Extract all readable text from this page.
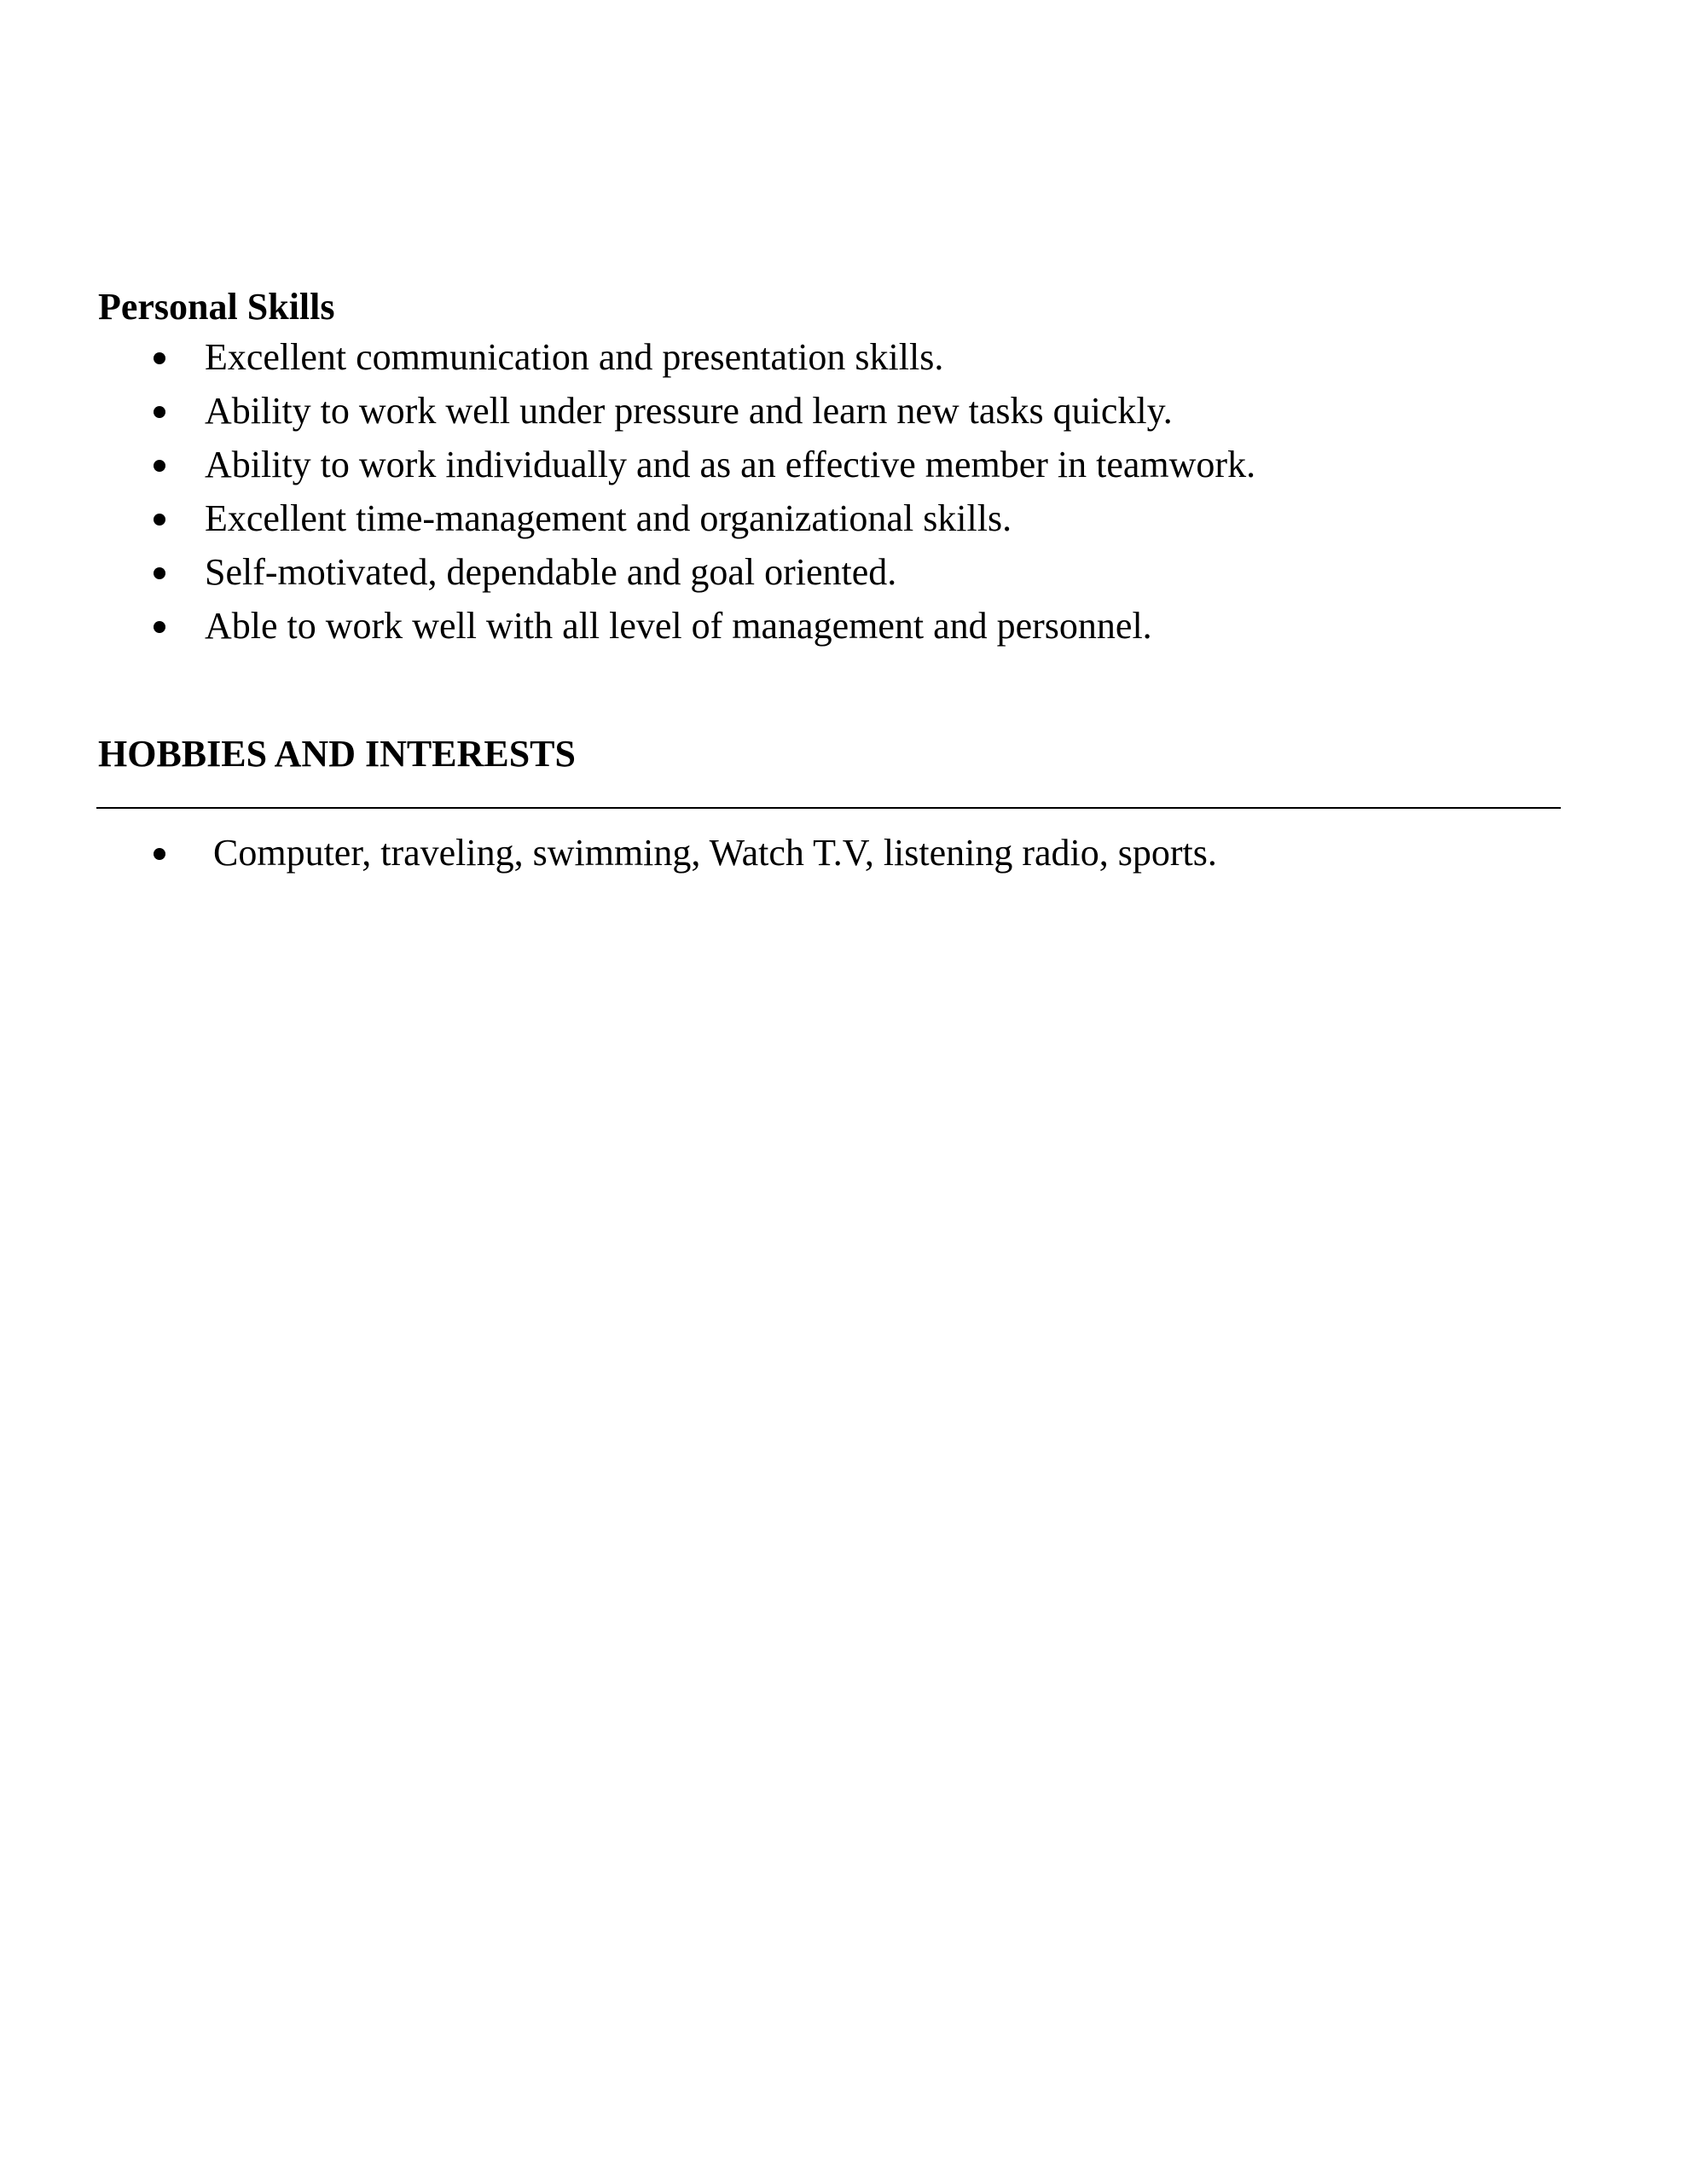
Personal Skills
Excellent communication and presentation skills.
Ability to work well under pressure and learn new tasks quickly.
Ability to work individually and as an effective member in teamwork.
Excellent time-management and organizational skills.
Self-motivated, dependable and goal oriented.
Able to work well with all level of management and personnel.
HOBBIES AND INTERESTS
Computer, traveling, swimming, Watch T.V, listening radio, sports.
